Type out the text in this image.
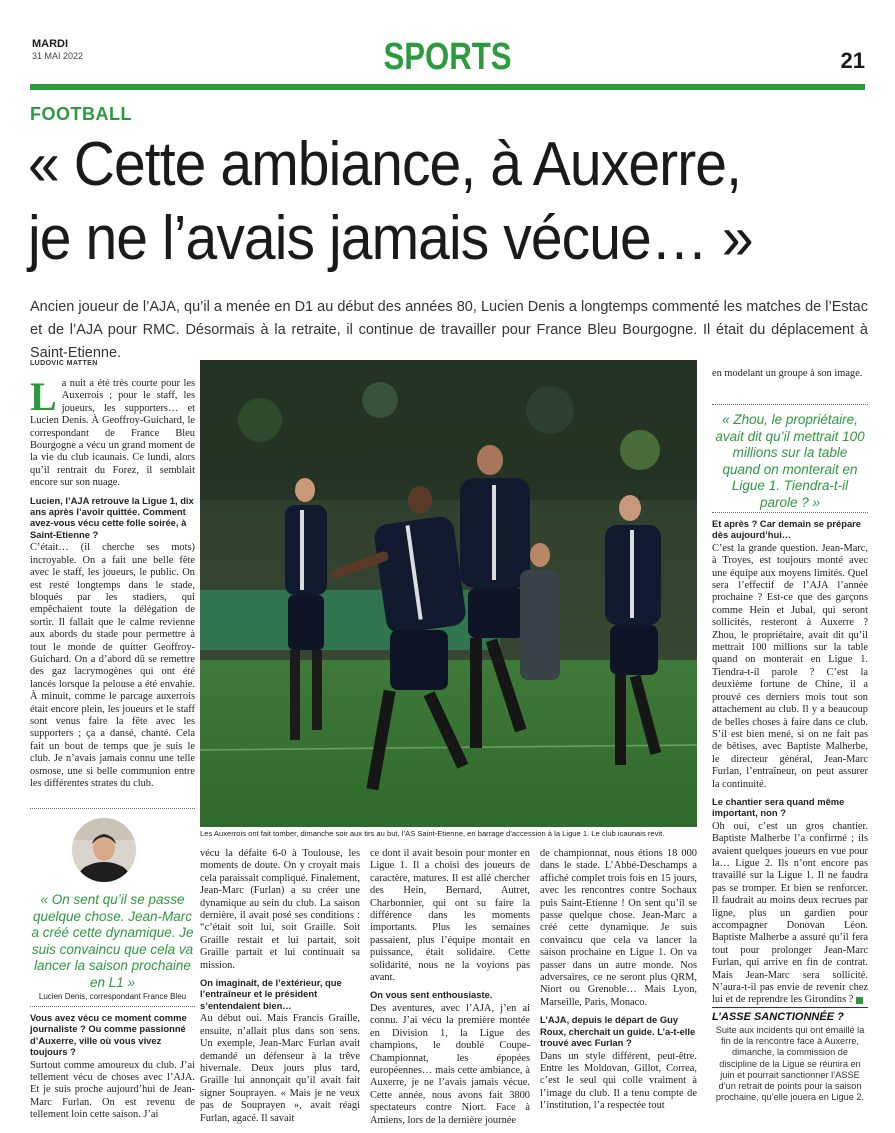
MARDI
31 MAI 2022	SPORTS	21
FOOTBALL
« Cette ambiance, à Auxerre,
je ne l’avais jamais vécue… »
Ancien joueur de l’AJA, qu’il a menée en D1 au début des années 80, Lucien Denis a longtemps commenté les matches de l’Estac et de l’AJA pour RMC. Désormais à la retraite, il continue de travailler pour France Bleu Bourgogne. Il était du déplacement à Saint-Etienne.
LUDOVIC MATTEN

La nuit a été très courte pour les Auxerrois ; pour le staff, les joueurs, les supporters… et Lucien Denis. À Geoffroy-Guichard, le correspondant de France Bleu Bourgogne a vécu un grand moment de la vie du club icaunais. Ce lundi, alors qu’il rentrait du Forez, il semblait encore sur son nuage.

Lucien, l’AJA retrouve la Ligue 1, dix ans après l’avoir quittée. Comment avez-vous vécu cette folle soirée, à Saint-Etienne ?

C’était… (il cherche ses mots) incroyable. On a fait une belle fête avec le staff, les joueurs, le public. On est resté longtemps dans le stade, bloqués par les stadiers, qui empêchaient toute la délégation de sortir. Il fallait que le calme revienne aux abords du stade pour permettre à tout le monde de quitter Geoffroy-Guichard. On a d’abord dû se remettre des gaz lacrymogènes qui ont été lancés lorsque la pelouse a été envahie. À minuit, comme le parcage auxerrois était encore plein, les joueurs et le staff sont venus faire la fête avec les supporters ; ça a dansé, chanté. Cela fait un bout de temps que je suis le club. Je n’avais jamais connu une telle osmose, une si belle communion entre les différentes strates du club.

« On sent qu’il se passe quelque chose. Jean-Marc a créé cette dynamique. Je suis convaincu que cela va lancer la saison prochaine en L1 »
Lucien Denis, correspondant France Bleu
Vous avez vécu ce moment comme journaliste ? Ou comme passionné d’Auxerre, ville où vous vivez toujours ?

Surtout comme amoureux du club. J’ai tellement vécu de choses avec l’AJA. Et je suis proche aujourd’hui de Jean-Marc Furlan. On est revenu de tellement loin cette saison. J’ai

Les Auxerrois ont fait tomber, dimanche soir aux tirs au but, l’AS Saint-Etienne, en barrage d’accession à la Ligue 1. Le club icaunais revit.

vécu la défaite 6-0 à Toulouse, les moments de doute. On y croyait mais cela paraissait compliqué. Finalement, Jean-Marc (Furlan) a su créer une dynamique au sein du club. La saison dernière, il avait posé ses conditions : “c’était soit lui, soit Graille. Soit Graille restait et lui partait, soit Graille partait et lui continuait sa mission.

On imaginait, de l’extérieur, que l’entraîneur et le président s’entendaient bien…

Au début oui. Mais Francis Graille, ensuite, n’allait plus dans son sens. Un exemple, Jean-Marc Furlan avait demandé un défenseur à la trêve hivernale. Deux jours plus tard, Graille lui annonçait qu’il avait fait signer Souprayen. « Mais je ne veux pas de Souprayen », avait réagi Furlan, agacé. Il savait

ce dont il avait besoin pour monter en Ligue 1. Il a choisi des joueurs de caractère, matures. Il est allé chercher des Hein, Bernard, Autret, Charbonnier, qui ont su faire la différence dans les moments importants. Plus les semaines passaient, plus l’équipe montait en puissance, était solidaire. Cette solidarité, nous ne la voyions pas avant.

On vous sent enthousiaste.

Des aventures, avec l’AJA, j’en ai connu. J’ai vécu la première montée en Division 1, la Ligue des champions, le doublé Coupe-Championnat, les épopées européennes… mais cette ambiance, à Auxerre, je ne l’avais jamais vécue. Cette année, nous avons fait 3800 spectateurs contre Niort. Face à Amiens, lors de la dernière journée

de championnat, nous étions 18 000 dans le stade. L’Abbé-Deschamps a affiché complet trois fois en 15 jours, avec les rencontres contre Sochaux puis Saint-Etienne ! On sent qu’il se passe quelque chose. Jean-Marc a créé cette dynamique. Je suis convaincu que cela va lancer la saison prochaine en Ligue 1. On va passer dans un autre monde. Nos adversaires, ce ne seront plus QRM, Niort ou Grenoble… Mais Lyon, Marseille, Paris, Monaco.

L’AJA, depuis le départ de Guy Roux, cherchait un guide. L’a-t-elle trouvé avec Furlan ?

Dans un style différent, peut-être. Entre les Moldovan, Gillot, Correa, c’est le seul qui colle vraiment à l’image du club. Il a tenu compte de l’institution, l’a respectée tout

en modelant un groupe à son image.

« Zhou, le propriétaire, avait dit qu’il mettrait 100 millions sur la table quand on monterait en Ligue 1. Tiendra-t-il parole ? »
Et après ? Car demain se prépare dès aujourd’hui…

C’est la grande question. Jean-Marc, à Troyes, est toujours monté avec une équipe aux moyens limités. Quel sera l’effectif de l’AJA l’année prochaine ? Est-ce que des garçons comme Hein et Jubal, qui seront sollicités, resteront à Auxerre ? Zhou, le propriétaire, avait dit qu’il mettrait 100 millions sur la table quand on monterait en Ligue 1. Tiendra-t-il parole ? C’est la deuxième fortune de Chine, il a prouvé ces derniers mois tout son attachement au club. Il y a beaucoup de belles choses à faire dans ce club. S’il est bien mené, si on ne fait pas de bêtises, avec Baptiste Malherbe, le directeur général, Jean-Marc Furlan, l’entraîneur, on peut assurer la continuité.

Le chantier sera quand même important, non ?

Oh oui, c’est un gros chantier. Baptiste Malherbe l’a confirmé ; ils avaient quelques joueurs en vue pour la… Ligue 2. Ils n’ont encore pas travaillé sur la Ligue 1. Il ne faudra pas se tromper. Et bien se renforcer. Il faudrait au moins deux recrues par ligne, plus un gardien pour accompagner Donovan Léon. Baptiste Malherbe a assuré qu’il fera tout pour prolonger Jean-Marc Furlan, qui arrive en fin de contrat. Mais Jean-Marc sera sollicité. N’aura-t-il pas envie de revenir chez lui et de reprendre les Girondins ?

L’ASSE SANCTIONNÉE ?
Suite aux incidents qui ont émaillé la fin de la rencontre face à Auxerre, dimanche, la commission de discipline de la Ligue se réunira en juin et pourrait sanctionner l’ASSE d’un retrait de points pour la saison prochaine, qu’elle jouera en Ligue 2.
